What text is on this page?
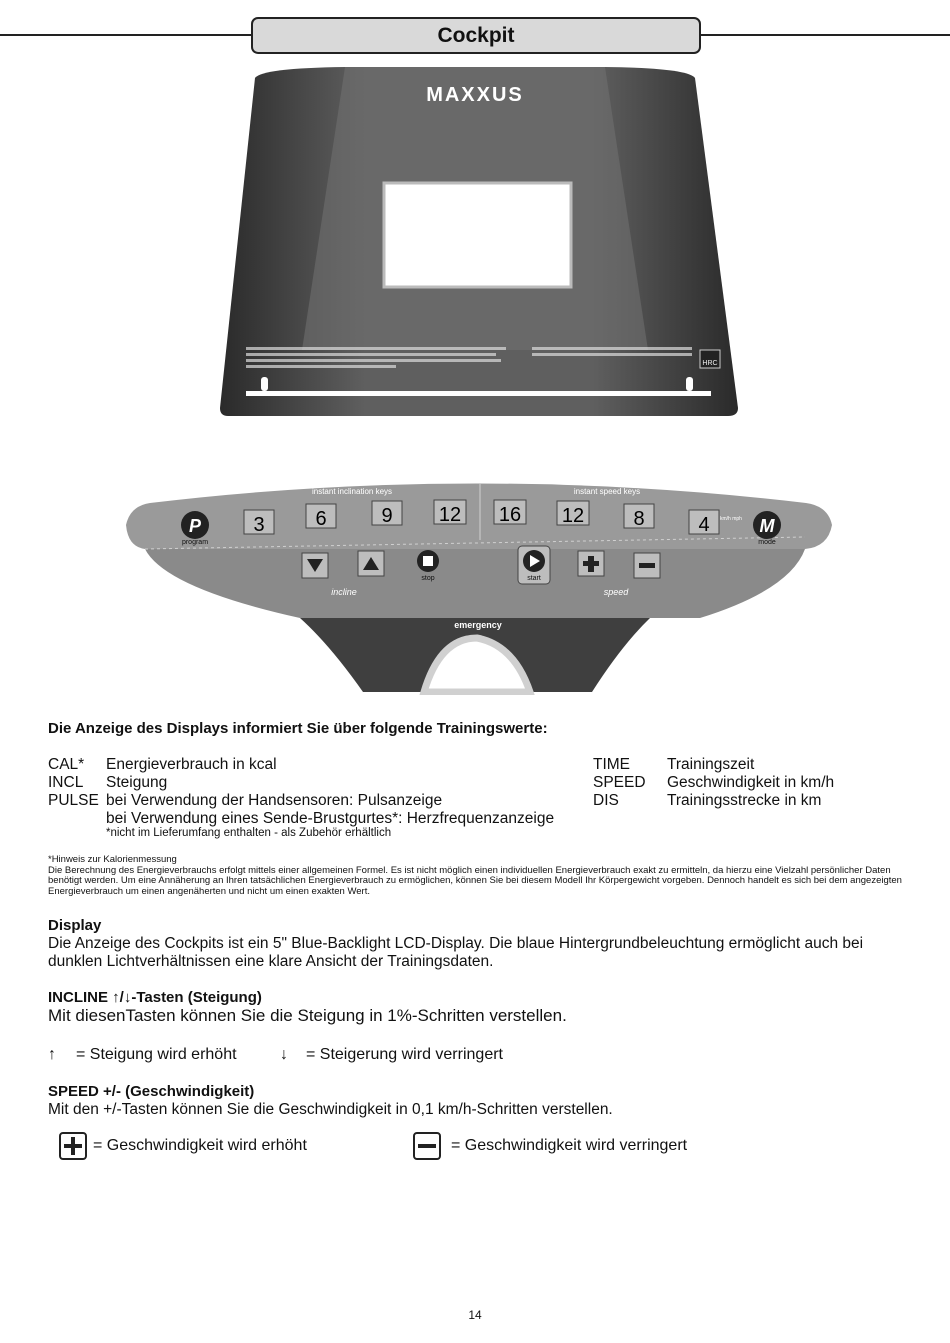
Cockpit
MAXXUS
HRC
instant inclination keys	instant speed keys
P
program
3	6	9 12 16 12 8	4 km/h mph M
mode
incline
stop	start
speed
emergency
Die Anzeige des Displays informiert Sie über folgende Trainingswerte:
CAL*	Energieverbrauch in kcal
INCL	Steigung
PULSE bei Verwendung der Handsensoren: Pulsanzeige
bei Verwendung eines Sende-Brustgurtes*: Herzfrequenzanzeige
*nicht im Lieferumfang enthalten - als Zubehör erhältlich
TIME Trainingszeit
SPEED Geschwindigkeit in km/h
DIS	Trainingsstrecke in km
*Hinweis zur Kalorienmessung
Die Berechnung des Energieverbrauchs erfolgt mittels einer allgemeinen Formel. Es ist nicht möglich einen individuellen Energieverbrauch exakt zu ermitteln, da hierzu eine Vielzahl persönlicher Daten benötigt werden. Um eine Annäherung an Ihren tatsächlichen Energieverbrauch zu ermöglichen, können Sie bei diesem Modell Ihr Körpergewicht vorgeben. Dennoch handelt es sich bei dem angezeigten Energieverbrauch um einen angenäherten und nicht um einen exakten Wert.
Display
Die Anzeige des Cockpits ist ein 5" Blue-Backlight LCD-Display. Die blaue Hintergrundbeleuchtung ermöglicht auch bei dunklen Lichtverhältnissen eine klare Ansicht der Trainingsdaten.
INCLINE ↑/↓-Tasten (Steigung)
Mit diesenTasten können Sie die Steigung in 1%-Schritten verstellen.
↑ = Steigung wird erhöht	↓ = Steigerung wird verringert
SPEED +/- (Geschwindigkeit)
Mit den +/-Tasten können Sie die Geschwindigkeit in 0,1 km/h-Schritten verstellen.
= Geschwindigkeit wird erhöht	= Geschwindigkeit wird verringert
14
